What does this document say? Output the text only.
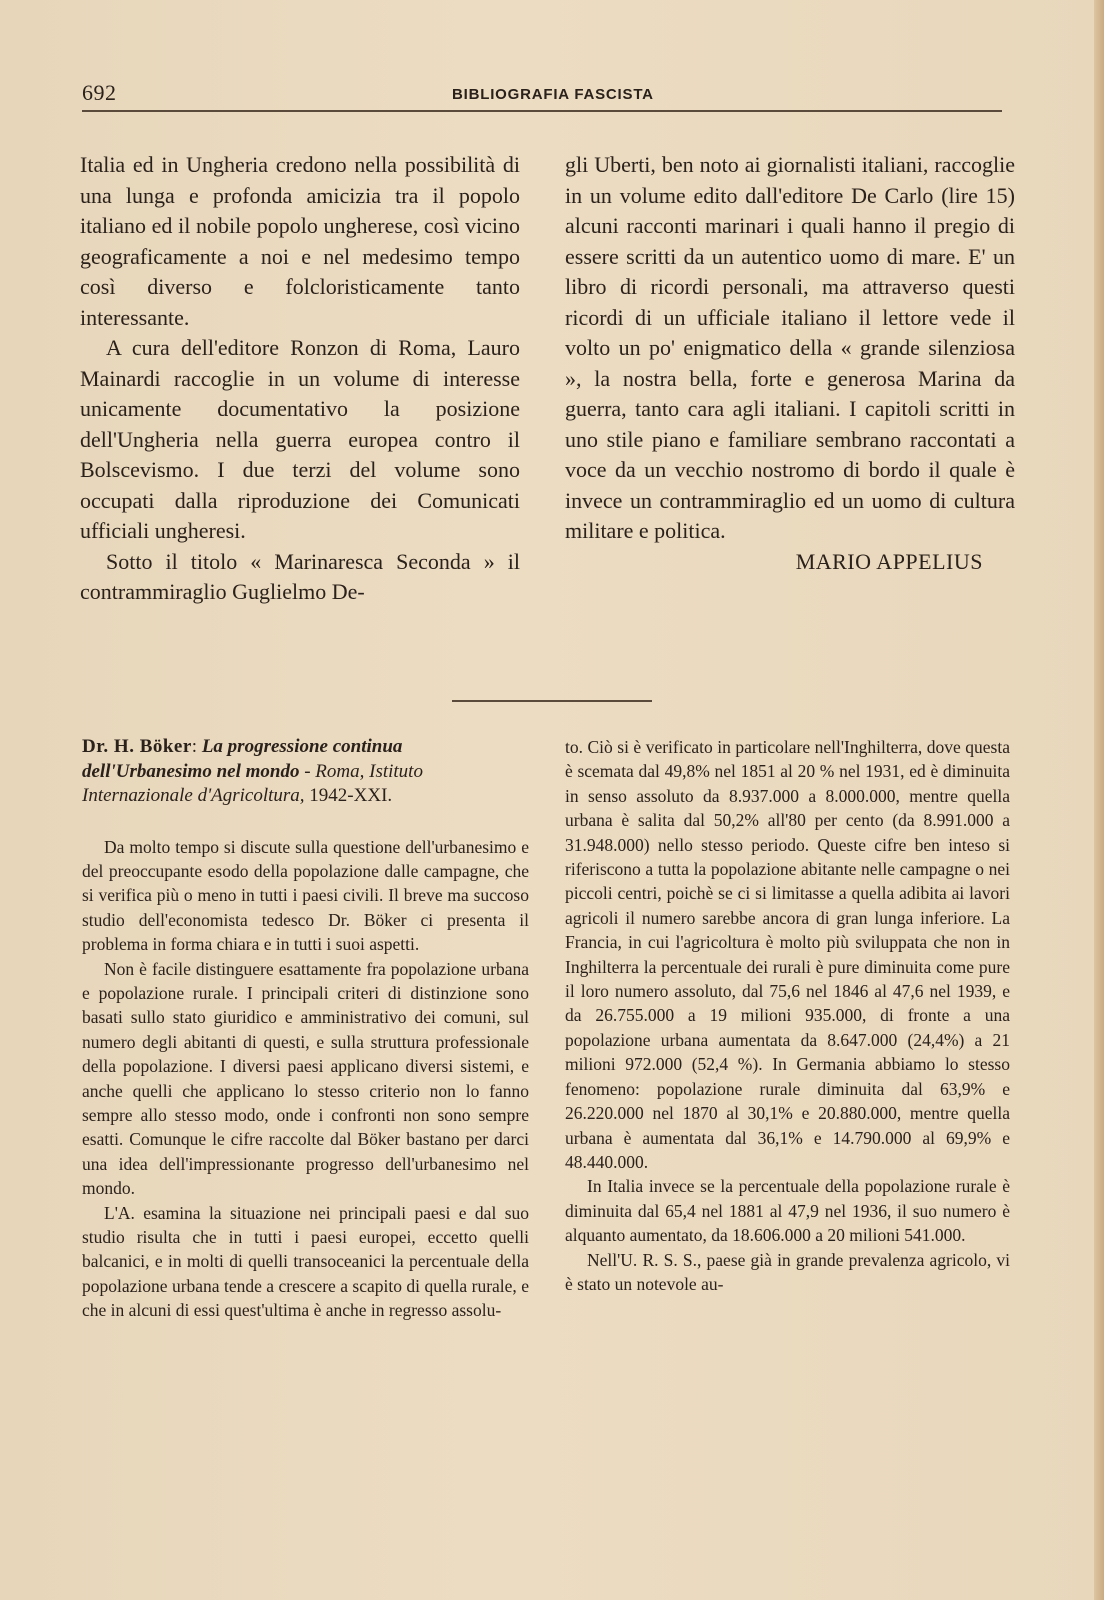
692	BIBLIOGRAFIA FASCISTA

Italia ed in Ungheria credono nella possibilità di una lunga e profonda amicizia tra il popolo italiano ed il nobile popolo ungherese, così vicino geograficamente a noi e nel medesimo tempo così diverso e folcloristicamente tanto interessante.

A cura dell'editore Ronzon di Roma, Lauro Mainardi raccoglie in un volume di interesse unicamente documentativo la posizione dell'Ungheria nella guerra europea contro il Bolscevismo. I due terzi del volume sono occupati dalla riproduzione dei Comunicati ufficiali ungheresi.

Sotto il titolo « Marinaresca Seconda » il contrammiraglio Guglielmo De-

gli Uberti, ben noto ai giornalisti italiani, raccoglie in un volume edito dall'editore De Carlo (lire 15) alcuni racconti marinari i quali hanno il pregio di essere scritti da un autentico uomo di mare. E' un libro di ricordi personali, ma attraverso questi ricordi di un ufficiale italiano il lettore vede il volto un po' enigmatico della « grande silenziosa », la nostra bella, forte e generosa Marina da guerra, tanto cara agli italiani. I capitoli scritti in uno stile piano e familiare sembrano raccontati a voce da un vecchio nostromo di bordo il quale è invece un contrammiraglio ed un uomo di cultura militare e politica.

MARIO APPELIUS
Dr. H. Böker: La progressione continua dell'Urbanesimo nel mondo - Roma, Istituto Internazionale d'Agricoltura, 1942-XXI.

Da molto tempo si discute sulla questione dell'urbanesimo e del preoccupante esodo della popolazione dalle campagne, che si verifica più o meno in tutti i paesi civili. Il breve ma succoso studio dell'economista tedesco Dr. Böker ci presenta il problema in forma chiara e in tutti i suoi aspetti.

Non è facile distinguere esattamente fra popolazione urbana e popolazione rurale. I principali criteri di distinzione sono basati sullo stato giuridico e amministrativo dei comuni, sul numero degli abitanti di questi, e sulla struttura professionale della popolazione. I diversi paesi applicano diversi sistemi, e anche quelli che applicano lo stesso criterio non lo fanno sempre allo stesso modo, onde i confronti non sono sempre esatti. Comunque le cifre raccolte dal Böker bastano per darci una idea dell'impressionante progresso dell'urbanesimo nel mondo.

L'A. esamina la situazione nei principali paesi e dal suo studio risulta che in tutti i paesi europei, eccetto quelli balcanici, e in molti di quelli transoceanici la percentuale della popolazione urbana tende a crescere a scapito di quella rurale, e che in alcuni di essi quest'ultima è anche in regresso assolu-

to. Ciò si è verificato in particolare nell'Inghilterra, dove questa è scemata dal 49,8% nel 1851 al 20 % nel 1931, ed è diminuita in senso assoluto da 8.937.000 a 8.000.000, mentre quella urbana è salita dal 50,2% all'80 per cento (da 8.991.000 a 31.948.000) nello stesso periodo. Queste cifre ben inteso si riferiscono a tutta la popolazione abitante nelle campagne o nei piccoli centri, poichè se ci si limitasse a quella adibita ai lavori agricoli il numero sarebbe ancora di gran lunga inferiore. La Francia, in cui l'agricoltura è molto più sviluppata che non in Inghilterra la percentuale dei rurali è pure diminuita come pure il loro numero assoluto, dal 75,6 nel 1846 al 47,6 nel 1939, e da 26.755.000 a 19 milioni 935.000, di fronte a una popolazione urbana aumentata da 8.647.000 (24,4%) a 21 milioni 972.000 (52,4 %). In Germania abbiamo lo stesso fenomeno: popolazione rurale diminuita dal 63,9% e 26.220.000 nel 1870 al 30,1% e 20.880.000, mentre quella urbana è aumentata dal 36,1% e 14.790.000 al 69,9% e 48.440.000.

In Italia invece se la percentuale della popolazione rurale è diminuita dal 65,4 nel 1881 al 47,9 nel 1936, il suo numero è alquanto aumentato, da 18.606.000 a 20 milioni 541.000.

Nell'U. R. S. S., paese già in grande prevalenza agricolo, vi è stato un notevole au-
